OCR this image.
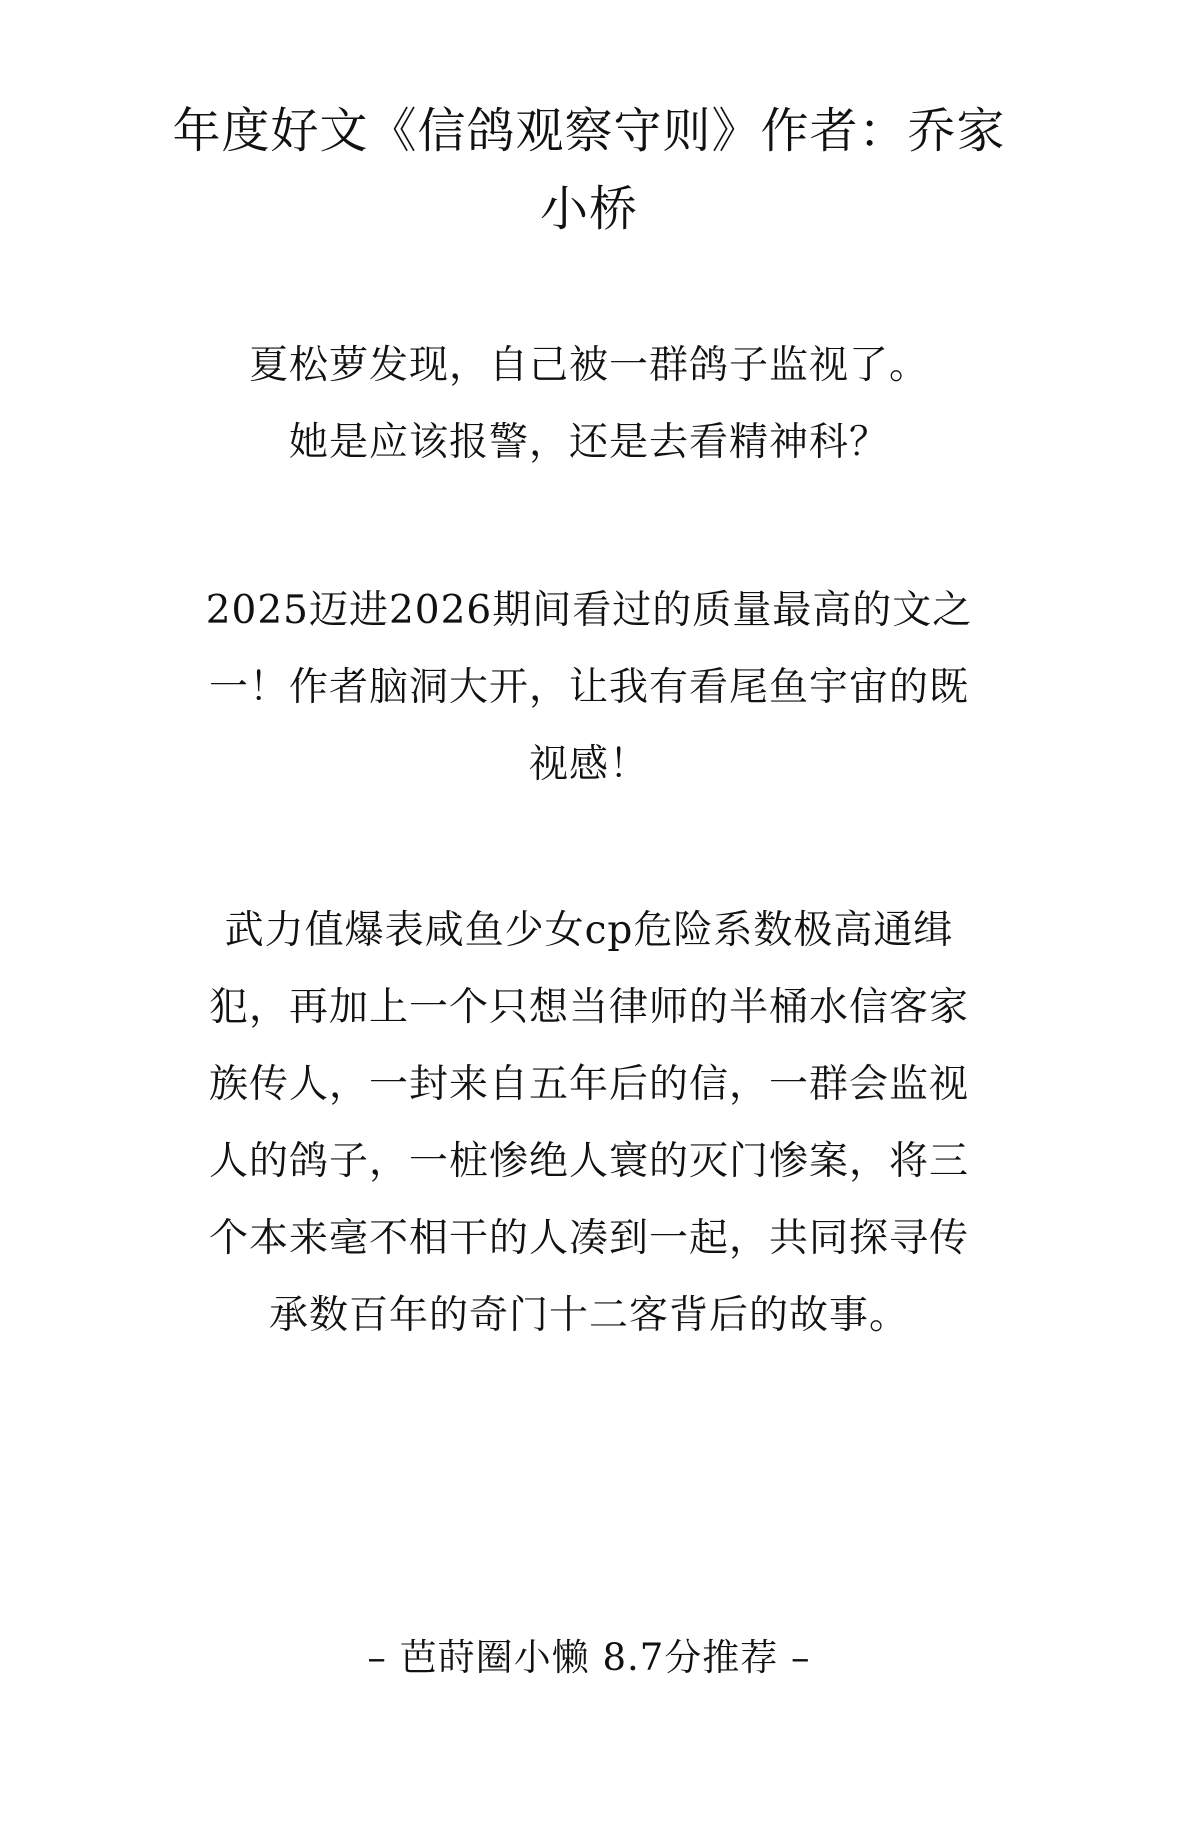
年度好文《信鸽观察守则》作者：乔家
小桥
夏松萝发现，自己被一群鸽子监视了。
她是应该报警，还是去看精神科？
2025迈进2026期间看过的质量最高的文之
一！作者脑洞大开，让我有看尾鱼宇宙的既
视感！
武力值爆表咸鱼少女cp危险系数极高通缉
犯，再加上一个只想当律师的半桶水信客家
族传人，一封来自五年后的信，一群会监视
人的鸽子，一桩惨绝人寰的灭门惨案，将三
个本来毫不相干的人凑到一起，共同探寻传
承数百年的奇门十二客背后的故事。
– 芭莳圈小懒 8.7分推荐 –
